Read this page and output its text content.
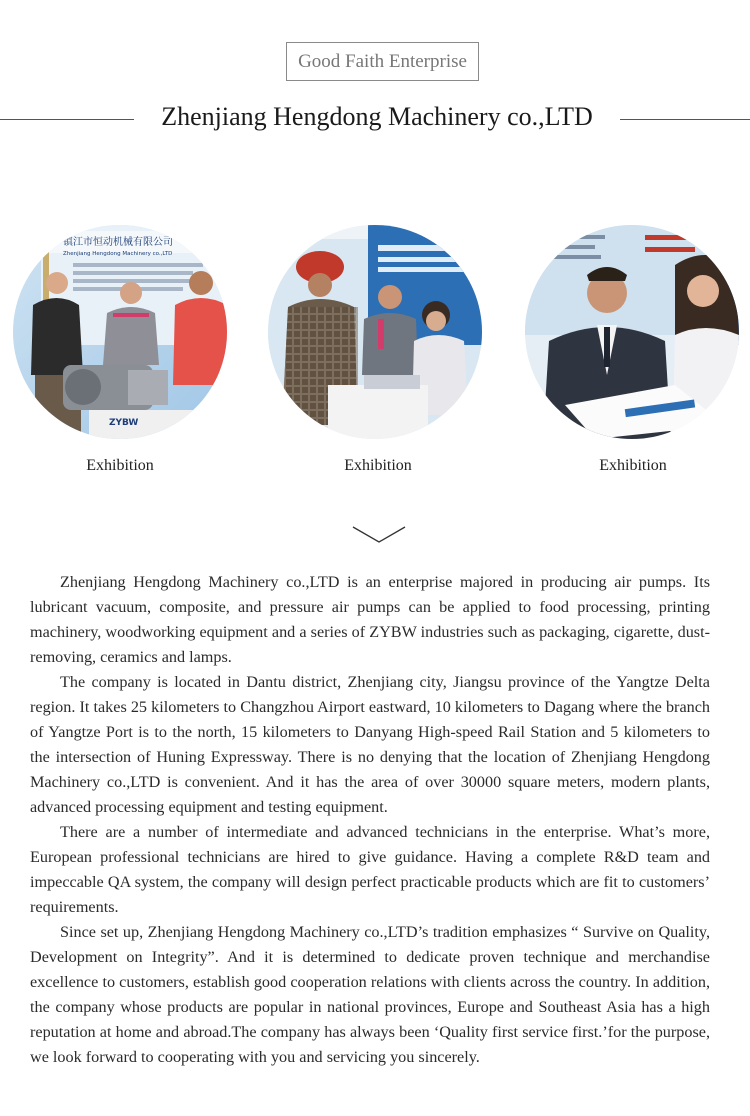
Good Faith Enterprise
Zhenjiang Hengdong Machinery co.,LTD
镇江市恒动机械有限公司
Zhenjiang Hengdong Machinery co.,LTD
ZYBW
Exhibition	Exhibition	Exhibition

Zhenjiang Hengdong Machinery co.,LTD is an enterprise majored in producing air pumps. Its lubricant vacuum, composite, and pressure air pumps can be applied to food processing, printing machinery, woodworking equipment and a series of ZYBW industries such as packaging, cigarette, dust-removing, ceramics and lamps.

The company is located in Dantu district, Zhenjiang city, Jiangsu province of the Yangtze Delta region. It takes 25 kilometers to Changzhou Airport eastward, 10 kilometers to Dagang where the branch of Yangtze Port is to the north, 15 kilometers to Danyang High-speed Rail Station and 5 kilometers to the intersection of Huning Expressway. There is no denying that the location of Zhenjiang Hengdong Machinery co.,LTD is convenient. And it has the area of over 30000 square meters, modern plants, advanced processing equipment and testing equipment.

There are a number of intermediate and advanced technicians in the enterprise. What’s more, European professional technicians are hired to give guidance. Having a complete R&D team and impeccable QA system, the company will design perfect practicable products which are fit to customers’ requirements.

Since set up, Zhenjiang Hengdong Machinery co.,LTD’s tradition emphasizes “ Survive on Quality, Development on Integrity”. And it is determined to dedicate proven technique and merchandise excellence to customers, establish good cooperation relations with clients across the country. In addition, the company whose products are popular in national provinces, Europe and Southeast Asia has a high reputation at home and abroad.The company has always been ‘Quality first service first.’for the purpose, we look forward to cooperating with you and servicing you sincerely.
